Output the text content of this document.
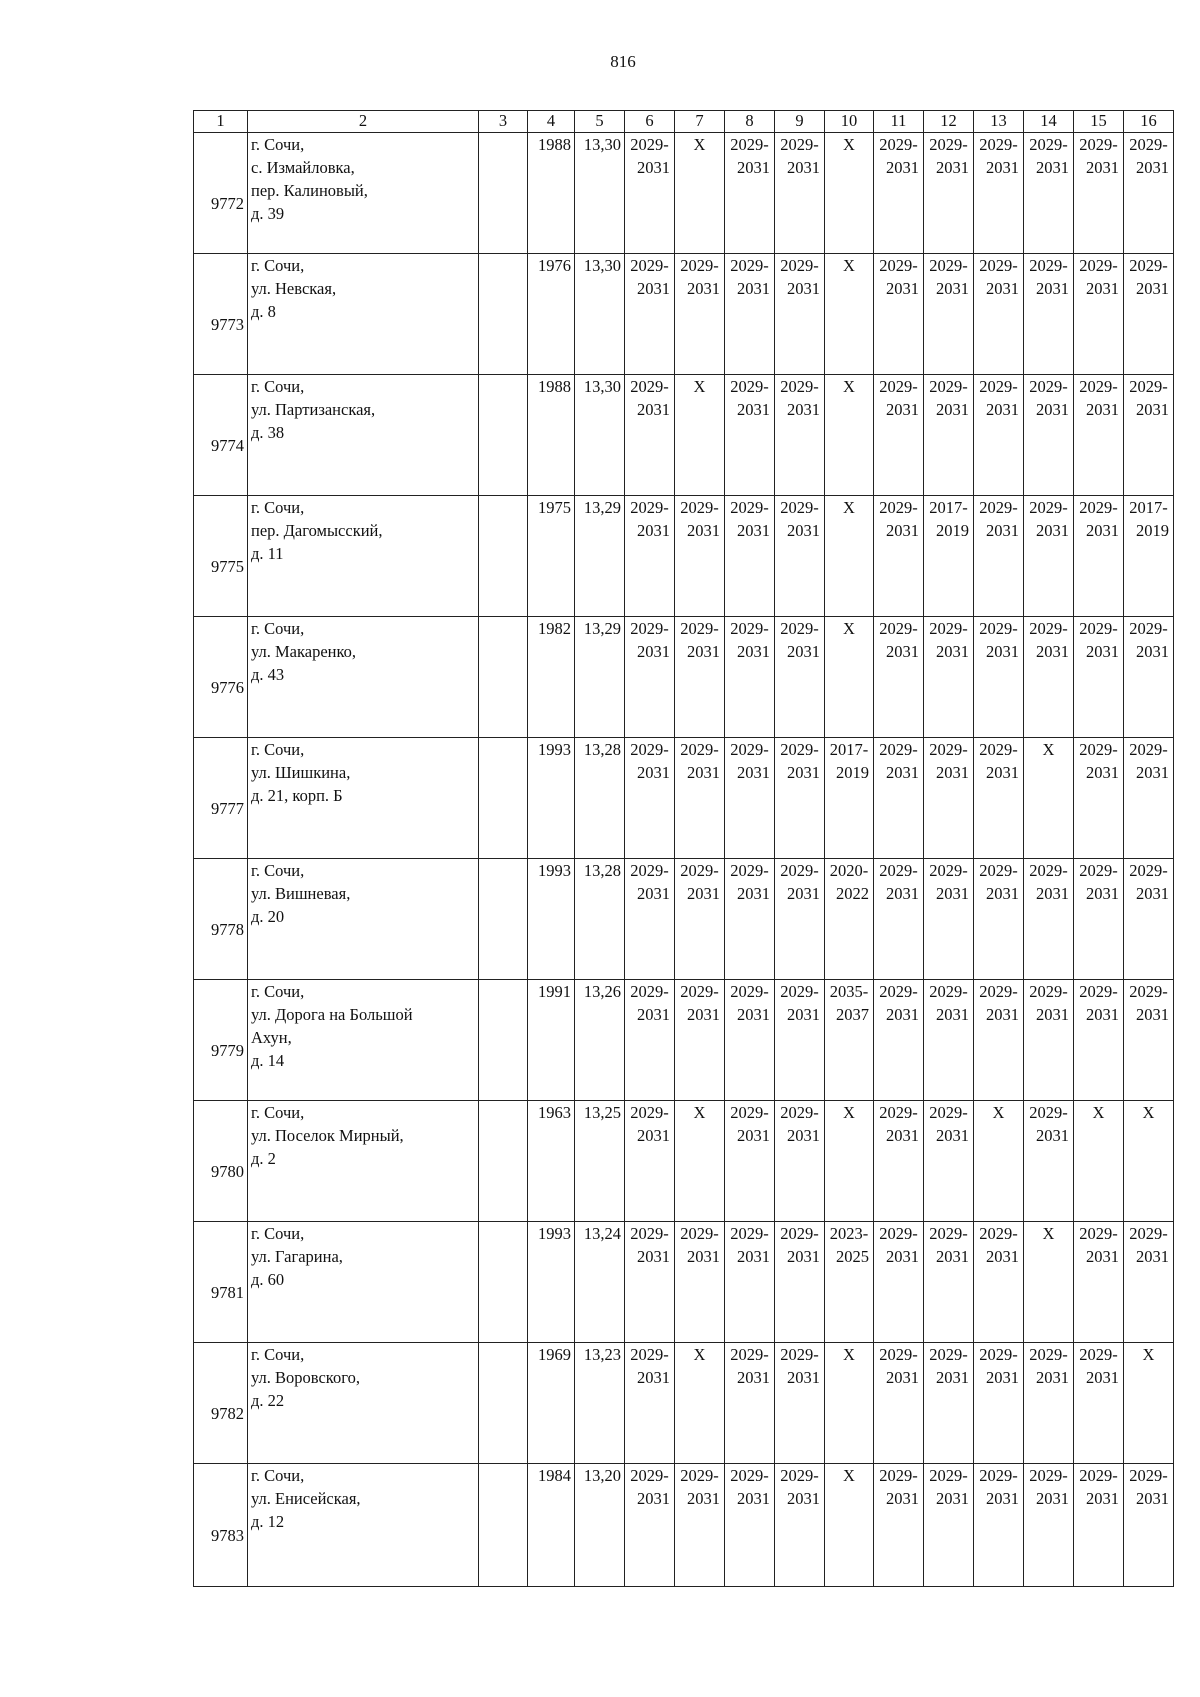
816
1	2	3	4	5	6	7	8	9	10	11	12	13	14	15	16
9772	г. Сочи,
с. Измайловка,
пер. Калиновый,
д. 39		1988	13,30	2029-
2031	X	2029-
2031	2029-
2031	X	2029-
2031	2029-
2031	2029-
2031	2029-
2031	2029-
2031	2029-
2031

9773	г. Сочи,
ул. Невская,
д. 8		1976	13,30	2029-
2031	2029-
2031	2029-
2031	2029-
2031	X	2029-
2031	2029-
2031	2029-
2031	2029-
2031	2029-
2031	2029-
2031

9774	г. Сочи,
ул. Партизанская,
д. 38		1988	13,30	2029-
2031	X	2029-
2031	2029-
2031	X	2029-
2031	2029-
2031	2029-
2031	2029-
2031	2029-
2031	2029-
2031

9775	г. Сочи,
пер. Дагомысский,
д. 11		1975	13,29	2029-
2031	2029-
2031	2029-
2031	2029-
2031	X	2029-
2031	2017-
2019	2029-
2031	2029-
2031	2029-
2031	2017-
2019

9776	г. Сочи,
ул. Макаренко,
д. 43		1982	13,29	2029-
2031	2029-
2031	2029-
2031	2029-
2031	X	2029-
2031	2029-
2031	2029-
2031	2029-
2031	2029-
2031	2029-
2031

9777	г. Сочи,
ул. Шишкина,
д. 21, корп. Б		1993	13,28	2029-
2031	2029-
2031	2029-
2031	2029-
2031	2017-
2019	2029-
2031	2029-
2031	2029-
2031	X	2029-
2031	2029-
2031

9778	г. Сочи,
ул. Вишневая,
д. 20		1993	13,28	2029-
2031	2029-
2031	2029-
2031	2029-
2031	2020-
2022	2029-
2031	2029-
2031	2029-
2031	2029-
2031	2029-
2031	2029-
2031

9779	г. Сочи,
ул. Дорога на Большой
Ахун,
д. 14		1991	13,26	2029-
2031	2029-
2031	2029-
2031	2029-
2031	2035-
2037	2029-
2031	2029-
2031	2029-
2031	2029-
2031	2029-
2031	2029-
2031

9780	г. Сочи,
ул. Поселок Мирный,
д. 2		1963	13,25	2029-
2031	X	2029-
2031	2029-
2031	X	2029-
2031	2029-
2031	X	2029-
2031	X	X

9781	г. Сочи,
ул. Гагарина,
д. 60		1993	13,24	2029-
2031	2029-
2031	2029-
2031	2029-
2031	2023-
2025	2029-
2031	2029-
2031	2029-
2031	X	2029-
2031	2029-
2031

9782	г. Сочи,
ул. Воровского,
д. 22		1969	13,23	2029-
2031	X	2029-
2031	2029-
2031	X	2029-
2031	2029-
2031	2029-
2031	2029-
2031	2029-
2031	X

9783	г. Сочи,
ул. Енисейская,
д. 12		1984	13,20	2029-
2031	2029-
2031	2029-
2031	2029-
2031	X	2029-
2031	2029-
2031	2029-
2031	2029-
2031	2029-
2031	2029-
2031
